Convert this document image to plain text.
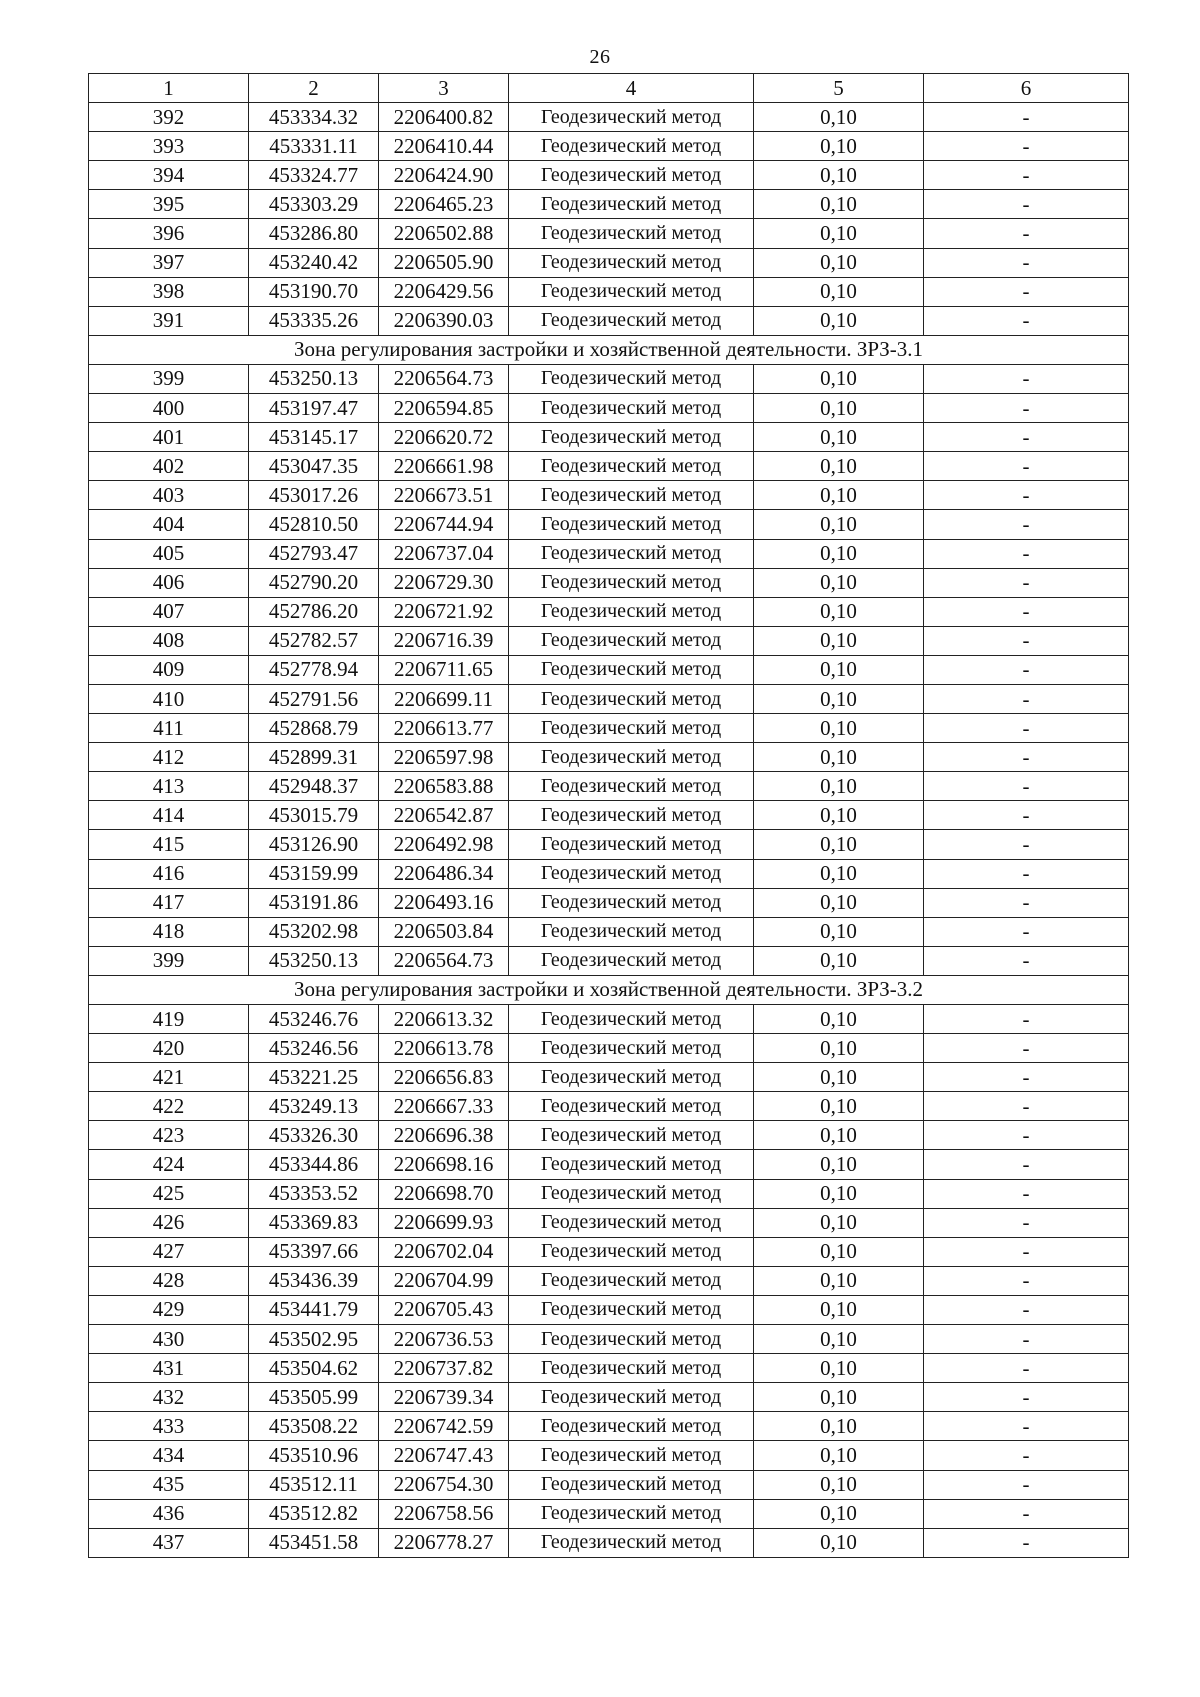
26
1	2	3	4	5	6
392	453334.32	2206400.82	Геодезический метод	0,10	-
393	453331.11	2206410.44	Геодезический метод	0,10	-
394	453324.77	2206424.90	Геодезический метод	0,10	-
395	453303.29	2206465.23	Геодезический метод	0,10	-
396	453286.80	2206502.88	Геодезический метод	0,10	-
397	453240.42	2206505.90	Геодезический метод	0,10	-
398	453190.70	2206429.56	Геодезический метод	0,10	-
391	453335.26	2206390.03	Геодезический метод	0,10	-
Зона регулирования застройки и хозяйственной деятельности. ЗРЗ-3.1					
399	453250.13	2206564.73	Геодезический метод	0,10	-
400	453197.47	2206594.85	Геодезический метод	0,10	-
401	453145.17	2206620.72	Геодезический метод	0,10	-
402	453047.35	2206661.98	Геодезический метод	0,10	-
403	453017.26	2206673.51	Геодезический метод	0,10	-
404	452810.50	2206744.94	Геодезический метод	0,10	-
405	452793.47	2206737.04	Геодезический метод	0,10	-
406	452790.20	2206729.30	Геодезический метод	0,10	-
407	452786.20	2206721.92	Геодезический метод	0,10	-
408	452782.57	2206716.39	Геодезический метод	0,10	-
409	452778.94	2206711.65	Геодезический метод	0,10	-
410	452791.56	2206699.11	Геодезический метод	0,10	-
411	452868.79	2206613.77	Геодезический метод	0,10	-
412	452899.31	2206597.98	Геодезический метод	0,10	-
413	452948.37	2206583.88	Геодезический метод	0,10	-
414	453015.79	2206542.87	Геодезический метод	0,10	-
415	453126.90	2206492.98	Геодезический метод	0,10	-
416	453159.99	2206486.34	Геодезический метод	0,10	-
417	453191.86	2206493.16	Геодезический метод	0,10	-
418	453202.98	2206503.84	Геодезический метод	0,10	-
399	453250.13	2206564.73	Геодезический метод	0,10	-
Зона регулирования застройки и хозяйственной деятельности. ЗРЗ-3.2					
419	453246.76	2206613.32	Геодезический метод	0,10	-
420	453246.56	2206613.78	Геодезический метод	0,10	-
421	453221.25	2206656.83	Геодезический метод	0,10	-
422	453249.13	2206667.33	Геодезический метод	0,10	-
423	453326.30	2206696.38	Геодезический метод	0,10	-
424	453344.86	2206698.16	Геодезический метод	0,10	-
425	453353.52	2206698.70	Геодезический метод	0,10	-
426	453369.83	2206699.93	Геодезический метод	0,10	-
427	453397.66	2206702.04	Геодезический метод	0,10	-
428	453436.39	2206704.99	Геодезический метод	0,10	-
429	453441.79	2206705.43	Геодезический метод	0,10	-
430	453502.95	2206736.53	Геодезический метод	0,10	-
431	453504.62	2206737.82	Геодезический метод	0,10	-
432	453505.99	2206739.34	Геодезический метод	0,10	-
433	453508.22	2206742.59	Геодезический метод	0,10	-
434	453510.96	2206747.43	Геодезический метод	0,10	-
435	453512.11	2206754.30	Геодезический метод	0,10	-
436	453512.82	2206758.56	Геодезический метод	0,10	-
437	453451.58	2206778.27	Геодезический метод	0,10	-
